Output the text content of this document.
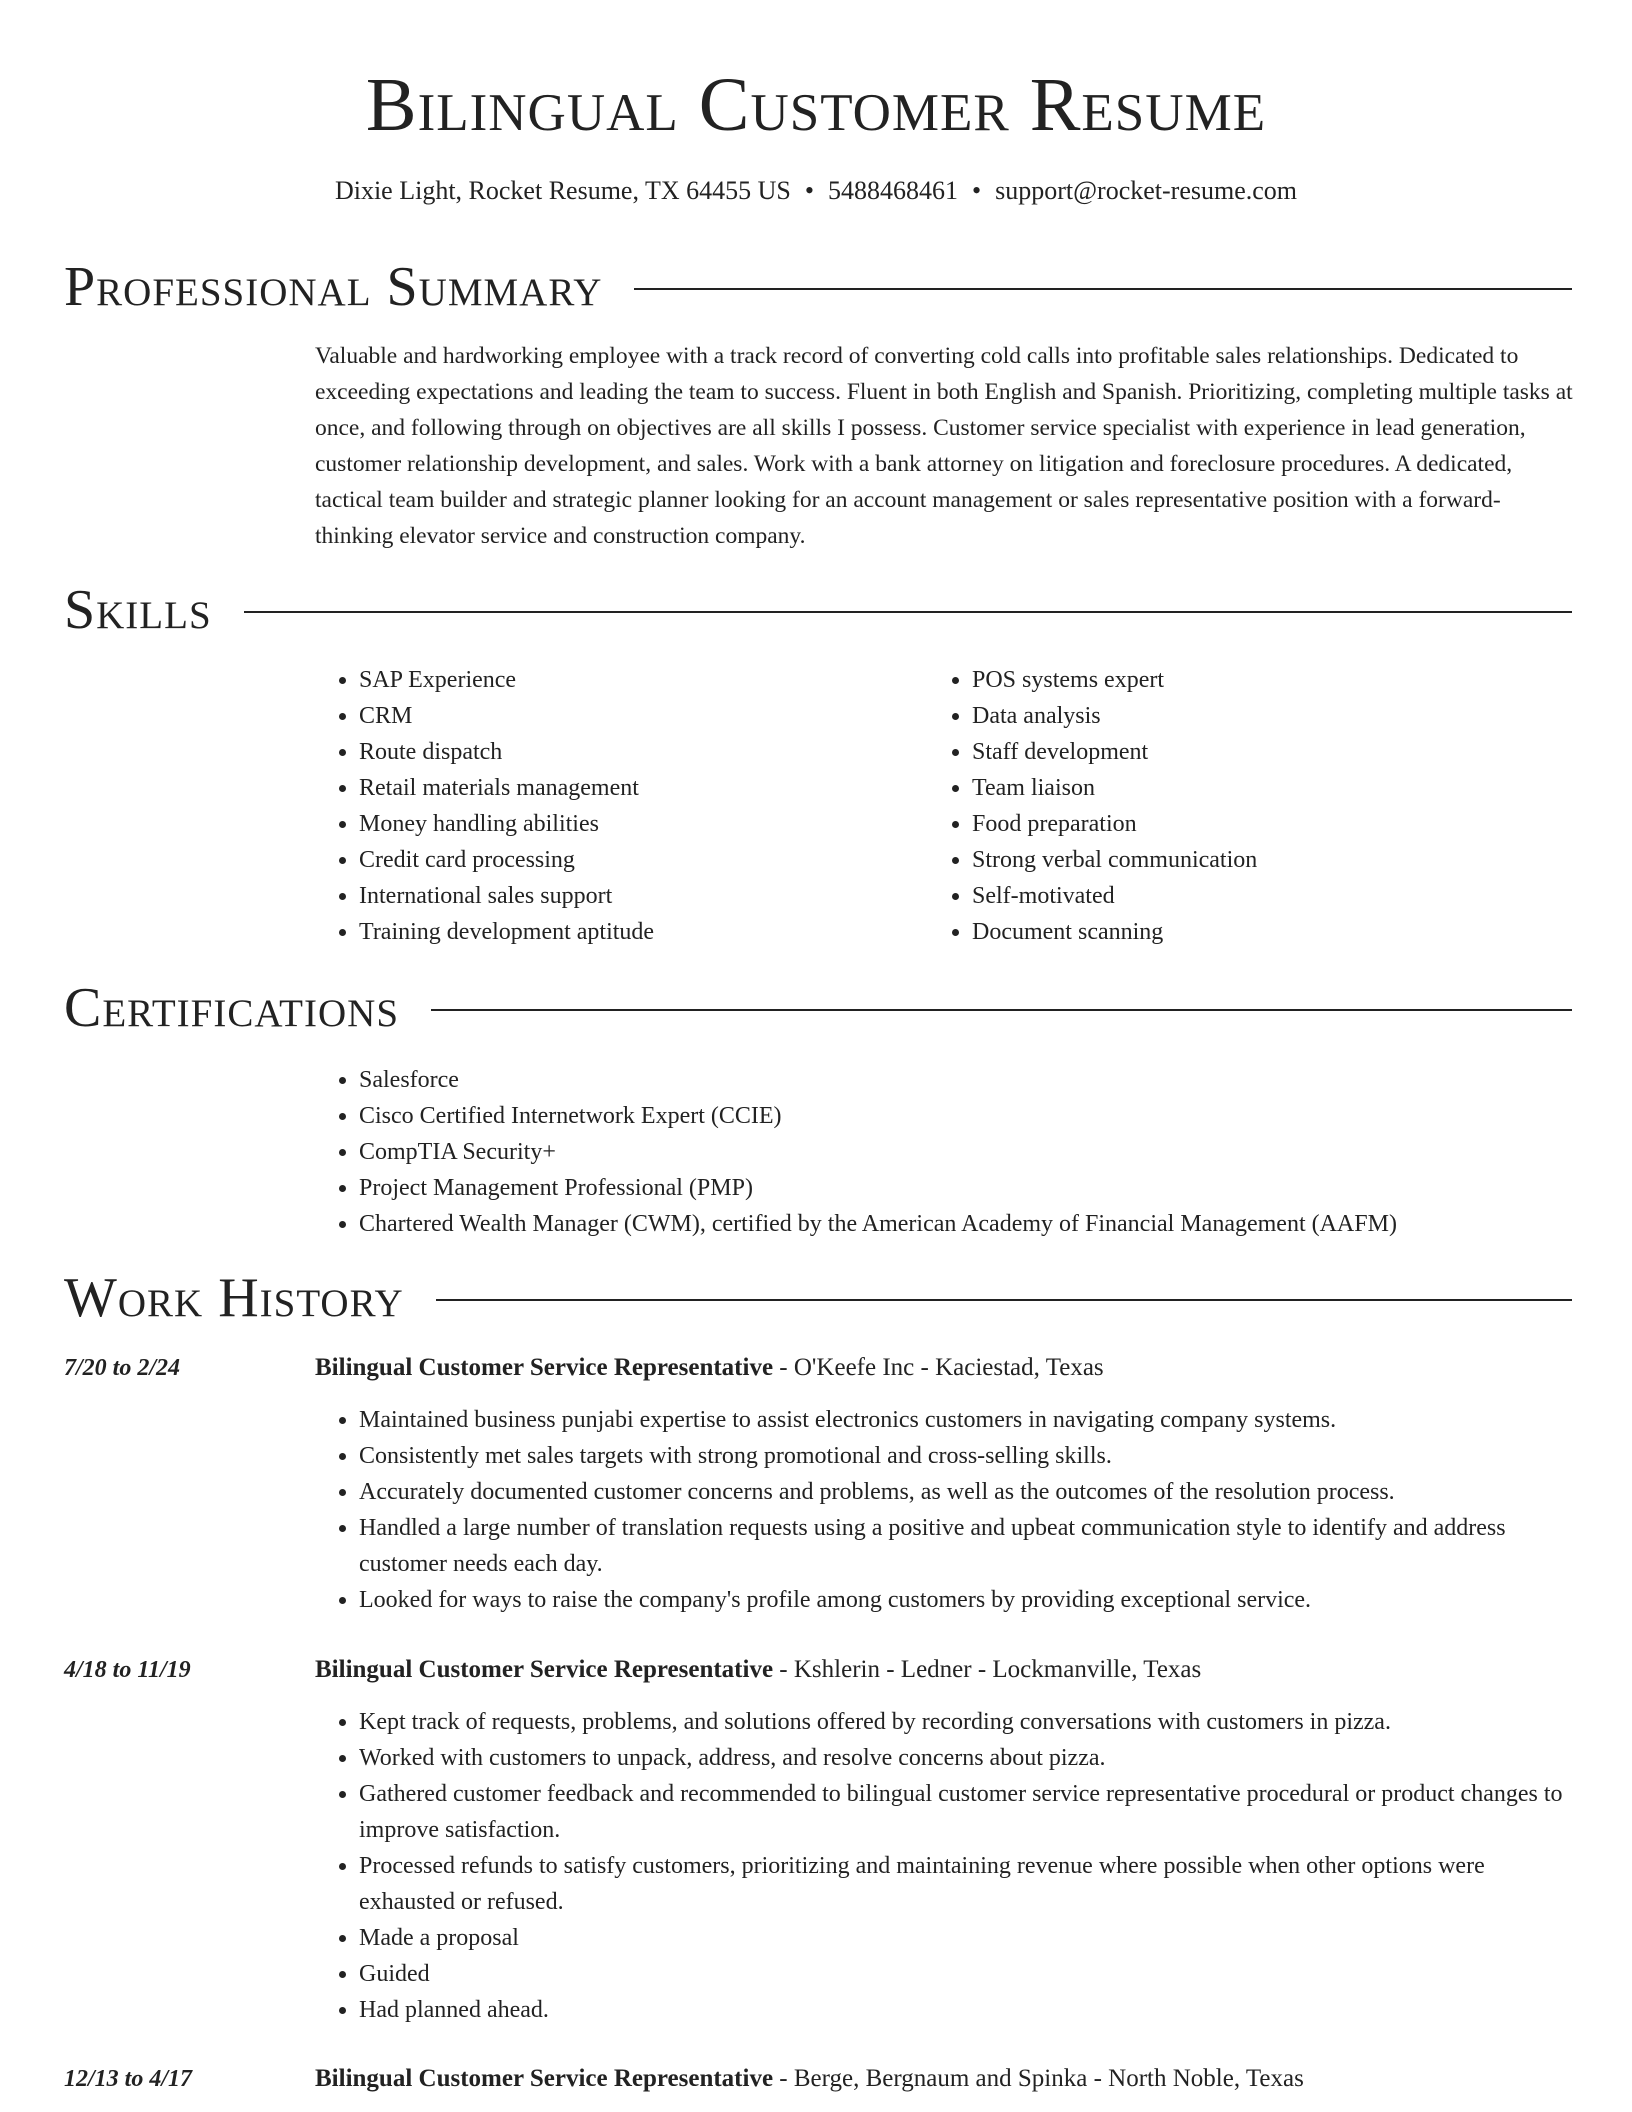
Bilingual Customer Resume
Dixie Light, Rocket Resume, TX 64455 US • 5488468461 • support@rocket-resume.com
Professional Summary

Valuable and hardworking employee with a track record of converting cold calls into profitable sales relationships. Dedicated to exceeding expectations and leading the team to success. Fluent in both English and Spanish. Prioritizing, completing multiple tasks at once, and following through on objectives are all skills I possess. Customer service specialist with experience in lead generation, customer relationship development, and sales. Work with a bank attorney on litigation and foreclosure procedures. A dedicated, tactical team builder and strategic planner looking for an account management or sales representative position with a forward-thinking elevator service and construction company.

Skills
• SAP Experience
• CRM
• Route dispatch
• Retail materials management
• Money handling abilities
• Credit card processing
• International sales support
• Training development aptitude
• POS systems expert
• Data analysis
• Staff development
• Team liaison
• Food preparation
• Strong verbal communication
• Self-motivated
• Document scanning
Certifications
• Salesforce
• Cisco Certified Internetwork Expert (CCIE)
• CompTIA Security+
• Project Management Professional (PMP)
• Chartered Wealth Manager (CWM), certified by the American Academy of Financial Management (AAFM)
Work History
7/20 to 2/24	Bilingual Customer Service Representative - O'Keefe Inc - Kaciestad, Texas
• Maintained business punjabi expertise to assist electronics customers in navigating company systems.
• Consistently met sales targets with strong promotional and cross-selling skills.
• Accurately documented customer concerns and problems, as well as the outcomes of the resolution process.
• Handled a large number of translation requests using a positive and upbeat communication style to identify and address customer needs each day.
• Looked for ways to raise the company's profile among customers by providing exceptional service.
4/18 to 11/19	Bilingual Customer Service Representative - Kshlerin - Ledner - Lockmanville, Texas
• Kept track of requests, problems, and solutions offered by recording conversations with customers in pizza.
• Worked with customers to unpack, address, and resolve concerns about pizza.
• Gathered customer feedback and recommended to bilingual customer service representative procedural or product changes to improve satisfaction.
• Processed refunds to satisfy customers, prioritizing and maintaining revenue where possible when other options were exhausted or refused.
• Made a proposal
• Guided
• Had planned ahead.
12/13 to 4/17	Bilingual Customer Service Representative - Berge, Bergnaum and Spinka - North Noble, Texas
